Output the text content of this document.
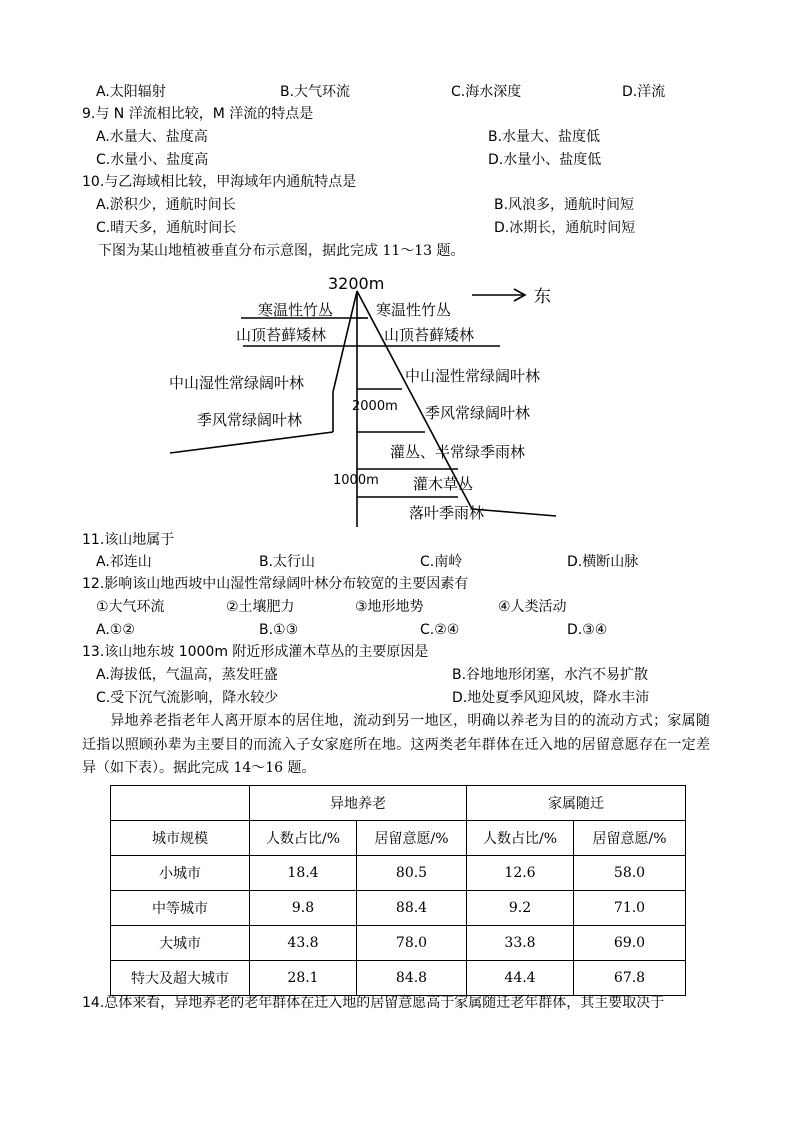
A.太阳辐射	B.大气环流	C.海水深度	D.洋流
9.与 N 洋流相比较，M 洋流的特点是
A.水量大、盐度高	B.水量大、盐度低
C.水量小、盐度高	D.水量小、盐度低
10.与乙海域相比较，甲海域年内通航特点是
A.淤积少，通航时间长	B.风浪多，通航时间短
C.晴天多，通航时间长	D.冰期长，通航时间短
下图为某山地植被垂直分布示意图，据此完成 11～13 题。
3200m
东
2000m
1000m
寒温性竹丛
山顶苔藓矮林
中山湿性常绿阔叶林
季风常绿阔叶林
寒温性竹丛
山顶苔藓矮林
中山湿性常绿阔叶林
季风常绿阔叶林
灌丛、半常绿季雨林
灌木草丛
落叶季雨林
11.该山地属于
A.祁连山	B.太行山	C.南岭	D.横断山脉
12.影响该山地西坡中山湿性常绿阔叶林分布较宽的主要因素有
①大气环流	②土壤肥力	③地形地势	④人类活动
A.①②	B.①③	C.②④	D.③④
13.该山地东坡 1000m 附近形成灌木草丛的主要原因是
A.海拔低，气温高，蒸发旺盛	B.谷地地形闭塞，水汽不易扩散
C.受下沉气流影响，降水较少	D.地处夏季风迎风坡，降水丰沛
异地养老指老年人离开原本的居住地，流动到另一地区，明确以养老为目的的流动方式；家属随迁指以照顾孙辈为主要目的而流入子女家庭所在地。这两类老年群体在迁入地的居留意愿存在一定差异（如下表）。据此完成 14～16 题。
	异地养老		家属随迁	
城市规模	人数占比/%	居留意愿/%	人数占比/%	居留意愿/%
小城市	18.4	80.5	12.6	58.0
中等城市	9.8	88.4	9.2	71.0
大城市	43.8	78.0	33.8	69.0
特大及超大城市	28.1	84.8	44.4	67.8
14.总体来看，异地养老的老年群体在迁入地的居留意愿高于家属随迁老年群体，其主要取决于
